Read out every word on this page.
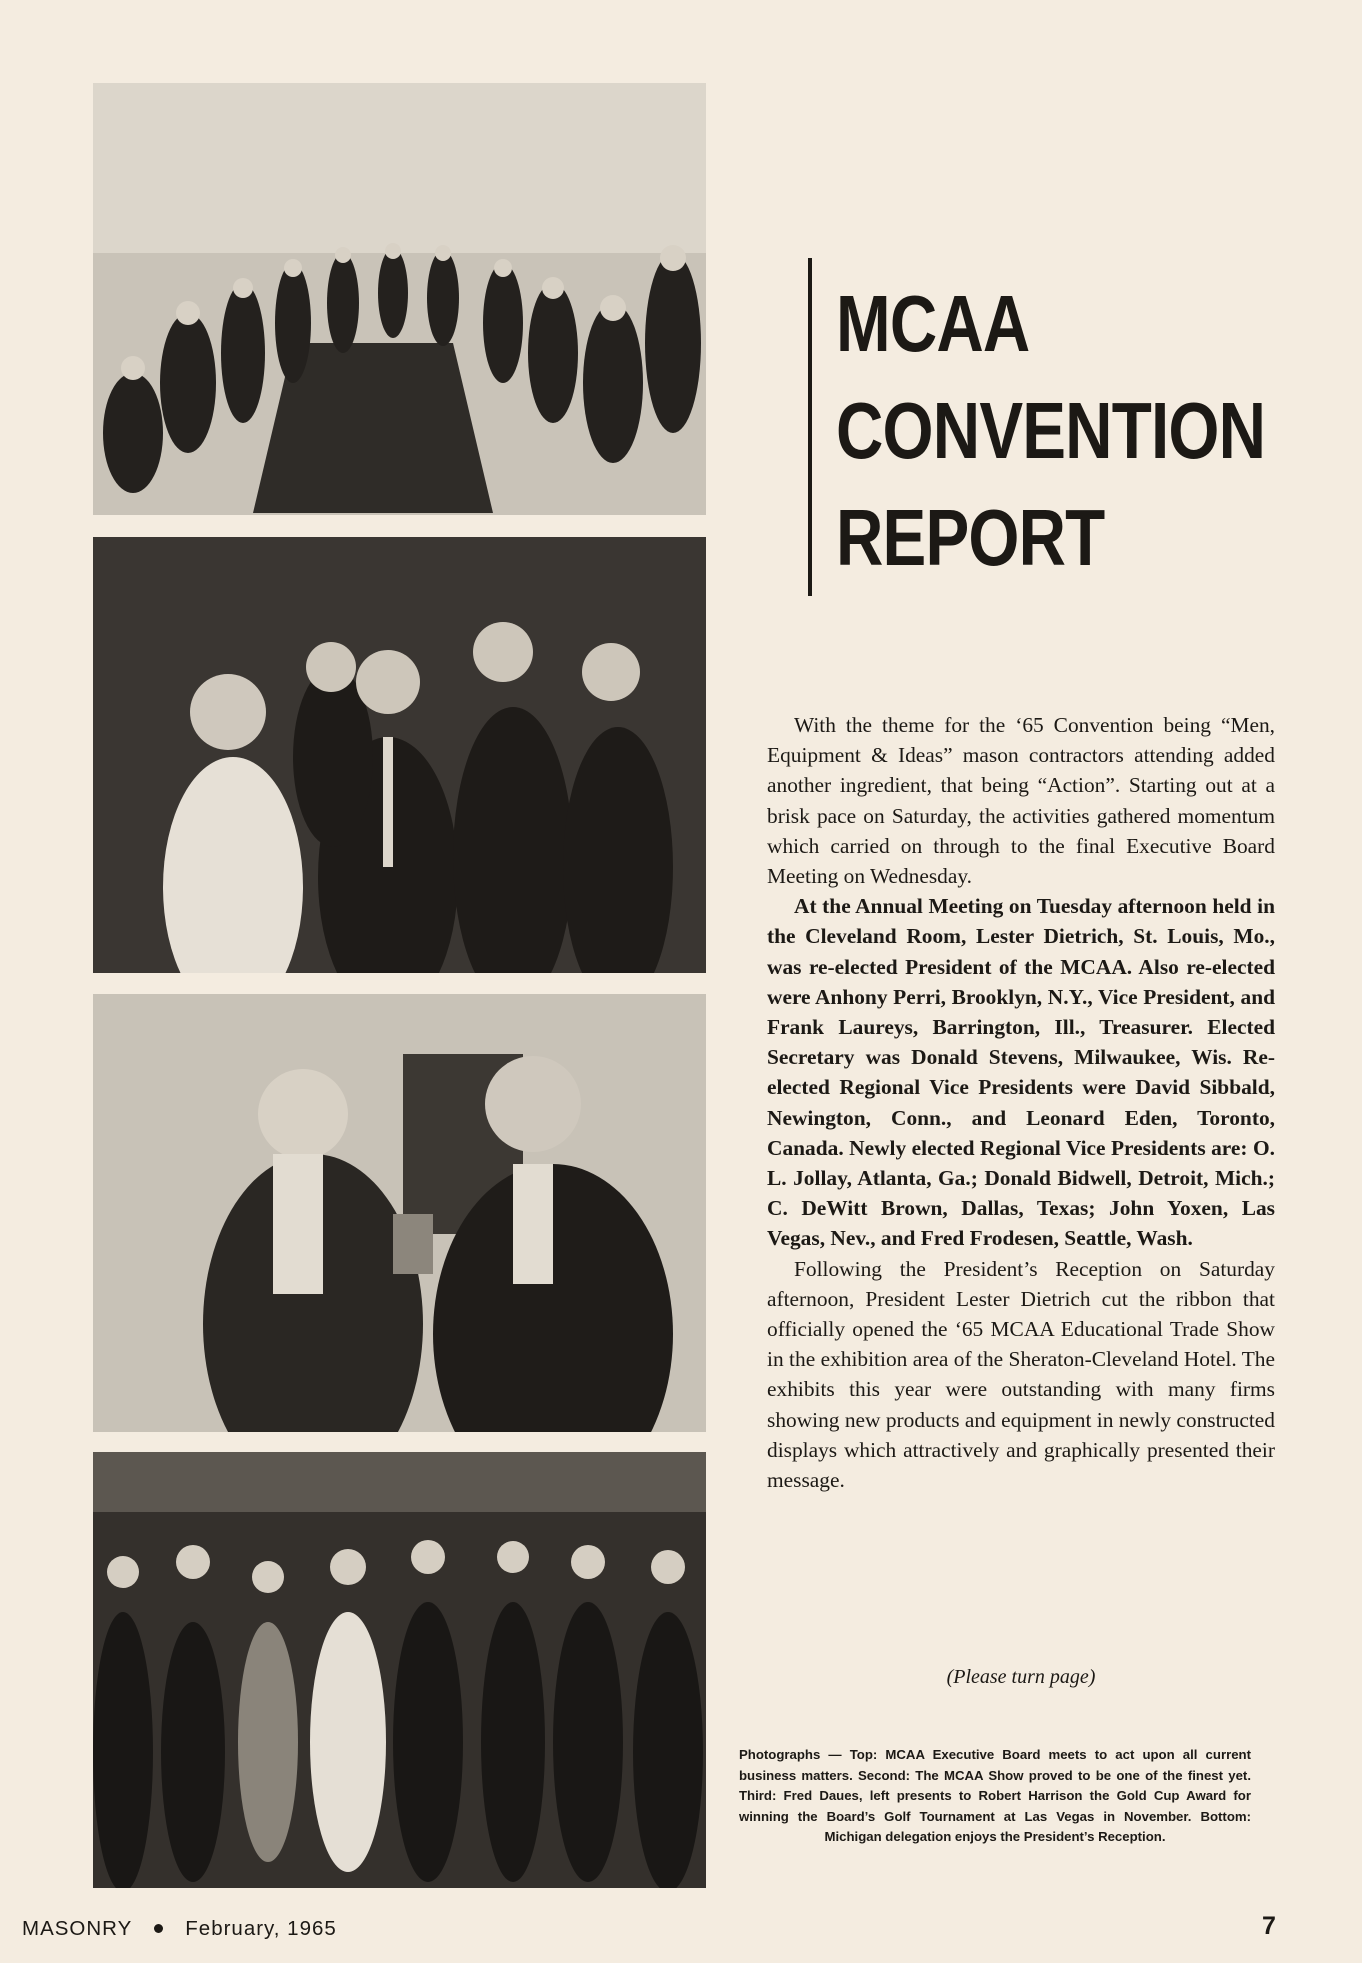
MCAA
CONVENTION
REPORT

With the theme for the ‘65 Convention being “Men, Equipment & Ideas” mason contractors attending added another ingredient, that being “Action”. Starting out at a brisk pace on Saturday, the activities gathered momentum which carried on through to the final Executive Board Meeting on Wednesday.

At the Annual Meeting on Tuesday afternoon held in the Cleveland Room, Lester Dietrich, St. Louis, Mo., was re-elected President of the MCAA. Also re-elected were Anhony Perri, Brooklyn, N.Y., Vice President, and Frank Laureys, Barrington, Ill., Treasurer. Elected Secretary was Donald Stevens, Milwaukee, Wis. Re-elected Regional Vice Presidents were David Sibbald, Newington, Conn., and Leonard Eden, Toronto, Canada. Newly elected Regional Vice Presidents are: O. L. Jollay, Atlanta, Ga.; Donald Bidwell, Detroit, Mich.; C. DeWitt Brown, Dallas, Texas; John Yoxen, Las Vegas, Nev., and Fred Frodesen, Seattle, Wash.

Following the President’s Reception on Saturday afternoon, President Lester Dietrich cut the ribbon that officially opened the ‘65 MCAA Educational Trade Show in the exhibition area of the Sheraton-Cleveland Hotel. The exhibits this year were outstanding with many firms showing new products and equipment in newly constructed displays which attractively and graphically presented their message.

(Please turn page)
Photographs — Top: MCAA Executive Board meets to act upon all current business matters. Second: The MCAA Show proved to be one of the finest yet. Third: Fred Daues, left presents to Robert Harrison the Gold Cup Award for winning the Board’s Golf Tournament at Las Vegas in November. Bottom: Michigan delegation enjoys the President’s Reception.
MASONRY	February, 1965	7
